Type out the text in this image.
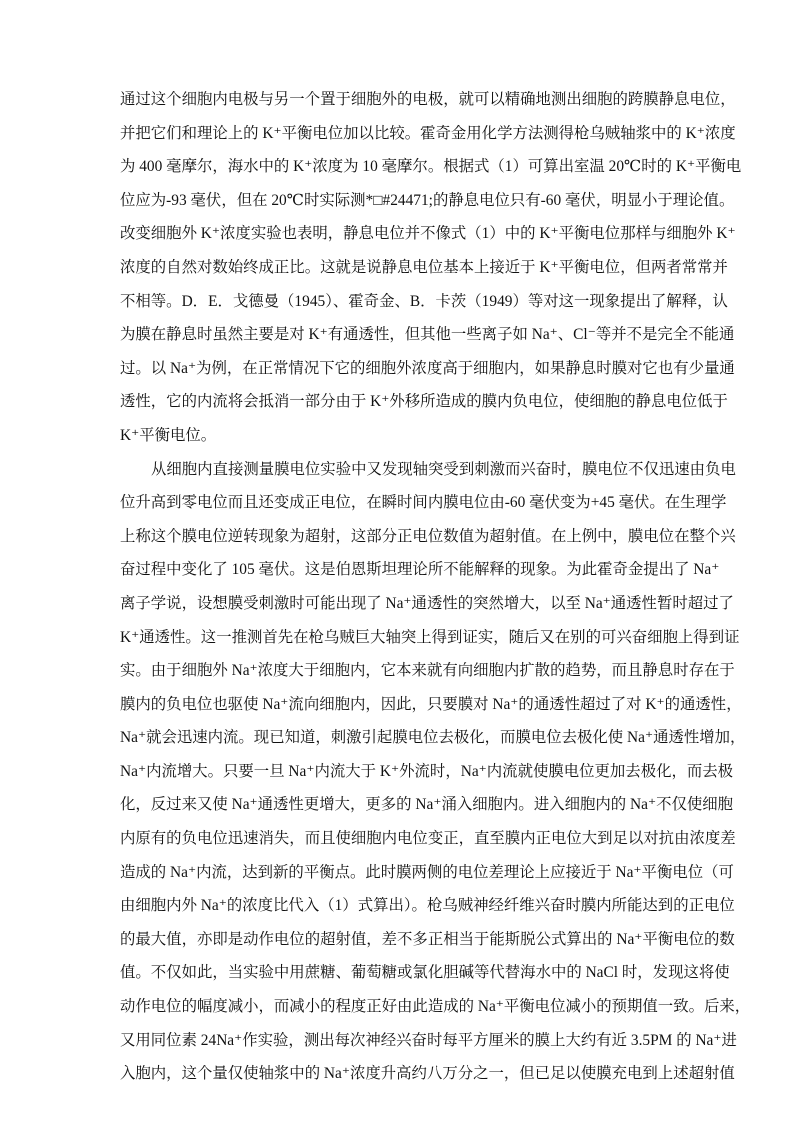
通过这个细胞内电极与另一个置于细胞外的电极，就可以精确地测出细胞的跨膜静息电位，
并把它们和理论上的 K⁺平衡电位加以比较。霍奇金用化学方法测得枪乌贼轴浆中的 K⁺浓度
为 400 毫摩尔，海水中的 K⁺浓度为 10 毫摩尔。根据式（1）可算出室温 20℃时的 K⁺平衡电
位应为-93 毫伏，但在 20℃时实际测*□#24471;的静息电位只有-60 毫伏，明显小于理论值。
改变细胞外 K⁺浓度实验也表明，静息电位并不像式（1）中的 K⁺平衡电位那样与细胞外 K⁺
浓度的自然对数始终成正比。这就是说静息电位基本上接近于 K⁺平衡电位，但两者常常并
不相等。D．E．戈德曼（1945）、霍奇金、B．卡茨（1949）等对这一现象提出了解释，认
为膜在静息时虽然主要是对 K⁺有通透性，但其他一些离子如 Na⁺、Cl⁻等并不是完全不能通
过。以 Na⁺为例，在正常情况下它的细胞外浓度高于细胞内，如果静息时膜对它也有少量通
透性，它的内流将会抵消一部分由于 K⁺外移所造成的膜内负电位，使细胞的静息电位低于
K⁺平衡电位。
从细胞内直接测量膜电位实验中又发现轴突受到刺激而兴奋时，膜电位不仅迅速由负电
位升高到零电位而且还变成正电位，在瞬时间内膜电位由-60 毫伏变为+45 毫伏。在生理学
上称这个膜电位逆转现象为超射，这部分正电位数值为超射值。在上例中，膜电位在整个兴
奋过程中变化了 105 毫伏。这是伯恩斯坦理论所不能解释的现象。为此霍奇金提出了 Na⁺
离子学说，设想膜受刺激时可能出现了 Na⁺通透性的突然增大，以至 Na⁺通透性暂时超过了
K⁺通透性。这一推测首先在枪乌贼巨大轴突上得到证实，随后又在别的可兴奋细胞上得到证
实。由于细胞外 Na⁺浓度大于细胞内，它本来就有向细胞内扩散的趋势，而且静息时存在于
膜内的负电位也驱使 Na⁺流向细胞内，因此，只要膜对 Na⁺的通透性超过了对 K⁺的通透性，
Na⁺就会迅速内流。现已知道，刺激引起膜电位去极化，而膜电位去极化使 Na⁺通透性增加，
Na⁺内流增大。只要一旦 Na⁺内流大于 K⁺外流时，Na⁺内流就使膜电位更加去极化，而去极
化，反过来又使 Na⁺通透性更增大，更多的 Na⁺涌入细胞内。进入细胞内的 Na⁺不仅使细胞
内原有的负电位迅速消失，而且使细胞内电位变正，直至膜内正电位大到足以对抗由浓度差
造成的 Na⁺内流，达到新的平衡点。此时膜两侧的电位差理论上应接近于 Na⁺平衡电位（可
由细胞内外 Na⁺的浓度比代入（1）式算出）。枪乌贼神经纤维兴奋时膜内所能达到的正电位
的最大值，亦即是动作电位的超射值，差不多正相当于能斯脱公式算出的 Na⁺平衡电位的数
值。不仅如此，当实验中用蔗糖、葡萄糖或氯化胆碱等代替海水中的 NaCl 时，发现这将使
动作电位的幅度减小，而减小的程度正好由此造成的 Na⁺平衡电位减小的预期值一致。后来，
又用同位素 24Na⁺作实验，测出每次神经兴奋时每平方厘米的膜上大约有近 3.5PM 的 Na⁺进
入胞内，这个量仅使轴浆中的 Na⁺浓度升高约八万分之一，但已足以使膜充电到上述超射值
